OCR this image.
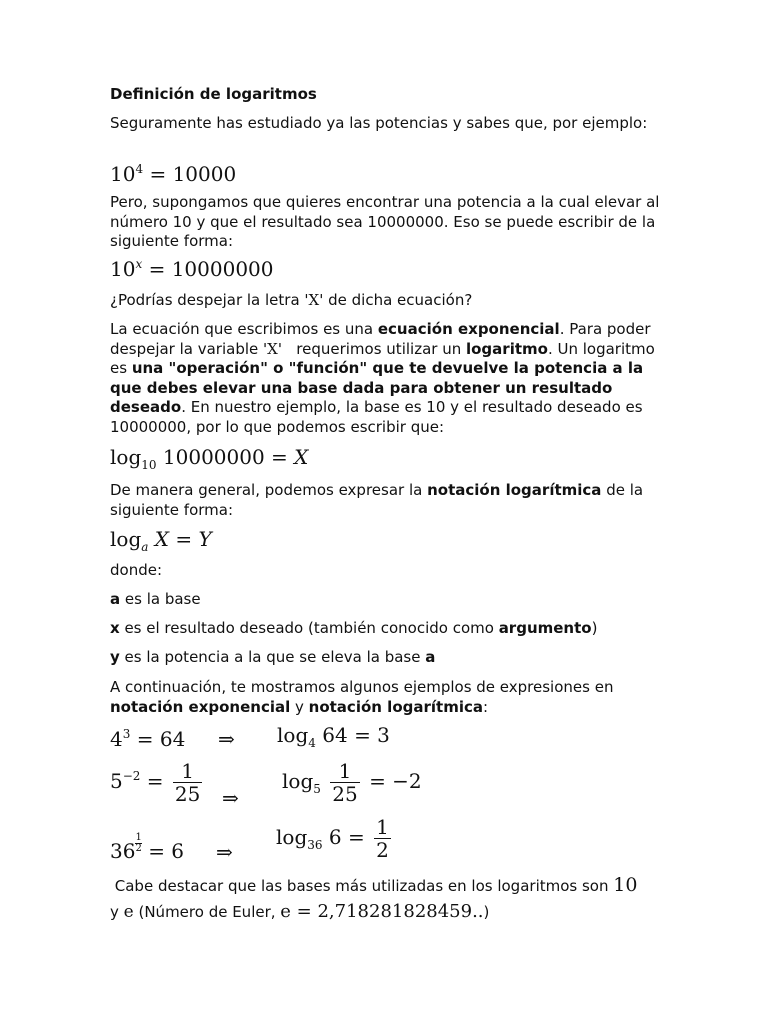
Definición de logaritmos

Seguramente has estudiado ya las potencias y sabes que, por ejemplo:

$10^4 = 10000$

Pero, supongamos que quieres encontrar una potencia a la cual elevar al número 10 y que el resultado sea 10000000. Eso se puede escribir de la siguiente forma:

$10^x = 10000000$

¿Podrías despejar la letra 'X' de dicha ecuación?

La ecuación que escribimos es una ecuación exponencial. Para poder despejar la variable 'X'   requerimos utilizar un logaritmo. Un logaritmo es una "operación" o "función" que te devuelve la potencia a la que debes elevar una base dada para obtener un resultado deseado. En nuestro ejemplo, la base es 10 y el resultado deseado es 10000000, por lo que podemos escribir que:

$\log_{10} 10000000 = X$

De manera general, podemos expresar la notación logarítmica de la siguiente forma:

$\log_a X = Y$

donde:

a es la base

x es el resultado deseado (también conocido como argumento)

y es la potencia a la que se eleva la base a

A continuación, te mostramos algunos ejemplos de expresiones en notación exponencial y notación logarítmica:

$4^3 = 64$ ⇒ $\log_4 64 = 3$
$5^{-2} = \frac{1}{25}$ ⇒
$\log_5 \frac{1}{25} = -2$
$36 \frac{1}{2} = 6$ ⇒
$\log_{36} 6 = \frac{1}{2}$
Cabe destacar que las bases más utilizadas en los logaritmos son 10
y e (Número de Euler, e = 2,718281828459..)
